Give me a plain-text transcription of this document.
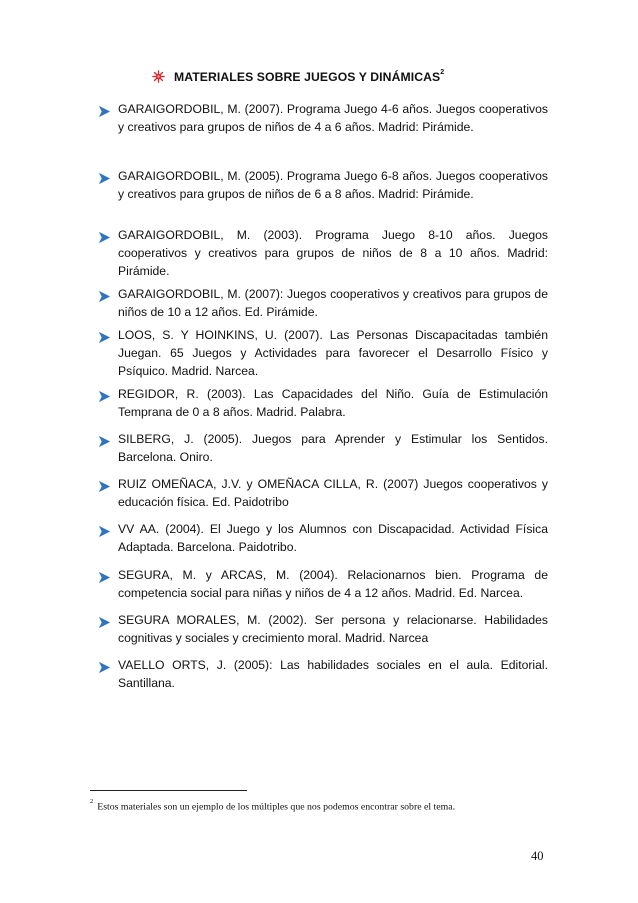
MATERIALES SOBRE JUEGOS Y DINÁMICAS$^2$
GARAIGORDOBIL, M. (2007). Programa Juego 4-6 años. Juegos cooperativos y creativos para grupos de niños de 4 a 6 años. Madrid: Pirámide.
GARAIGORDOBIL, M. (2005). Programa Juego 6-8 años. Juegos cooperativos y creativos para grupos de niños de 6 a 8 años. Madrid: Pirámide.
GARAIGORDOBIL, M. (2003). Programa Juego 8-10 años. Juegos cooperativos y creativos para grupos de niños de 8 a 10 años. Madrid: Pirámide.
GARAIGORDOBIL, M. (2007): Juegos cooperativos y creativos para grupos de niños de 10 a 12 años. Ed. Pirámide.
LOOS, S. Y HOINKINS, U. (2007). Las Personas Discapacitadas también Juegan. 65 Juegos y Actividades para favorecer el Desarrollo Físico y Psíquico. Madrid. Narcea.
REGIDOR, R. (2003). Las Capacidades del Niño. Guía de Estimulación Temprana de 0 a 8 años. Madrid. Palabra.
SILBERG, J. (2005). Juegos para Aprender y Estimular los Sentidos. Barcelona. Oniro.
RUIZ OMEÑACA, J.V. y OMEÑACA CILLA, R. (2007) Juegos cooperativos y educación física. Ed. Paidotribo
VV AA. (2004). El Juego y los Alumnos con Discapacidad. Actividad Física Adaptada. Barcelona. Paidotribo.
SEGURA, M. y ARCAS, M. (2004). Relacionarnos bien. Programa de competencia social para niñas y niños de 4 a 12 años. Madrid. Ed. Narcea.
SEGURA MORALES, M. (2002). Ser persona y relacionarse. Habilidades cognitivas y sociales y crecimiento moral. Madrid. Narcea
VAELLO ORTS, J. (2005): Las habilidades sociales en el aula. Editorial. Santillana.
$^2$ Estos materiales son un ejemplo de los múltiples que nos podemos encontrar sobre el tema.
40
